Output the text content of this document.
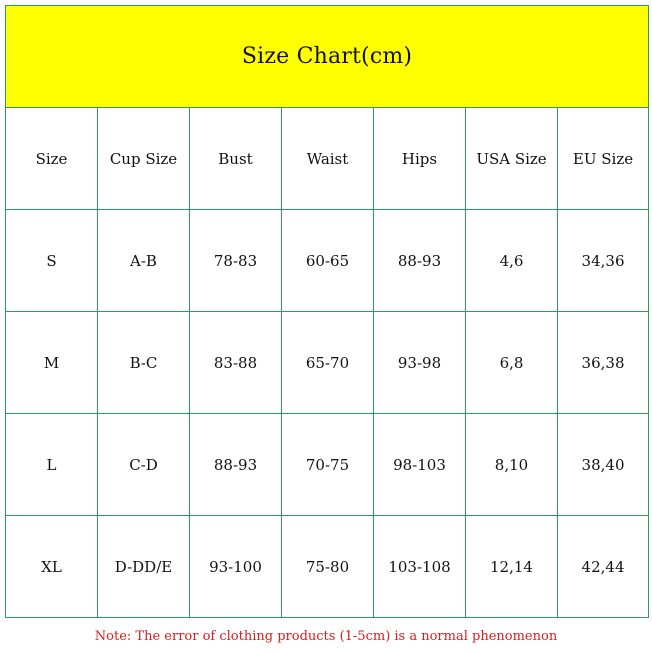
Size Chart(cm)						
Size	Cup Size	Bust	Waist	Hips	USA Size	EU Size
S	A-B	78-83	60-65	88-93	4,6	34,36
M	B-C	83-88	65-70	93-98	6,8	36,38
L	C-D	88-93	70-75	98-103	8,10	38,40
XL	D-DD/E	93-100	75-80	103-108	12,14	42,44

Note: The error of clothing products (1-5cm) is a normal phenomenon
